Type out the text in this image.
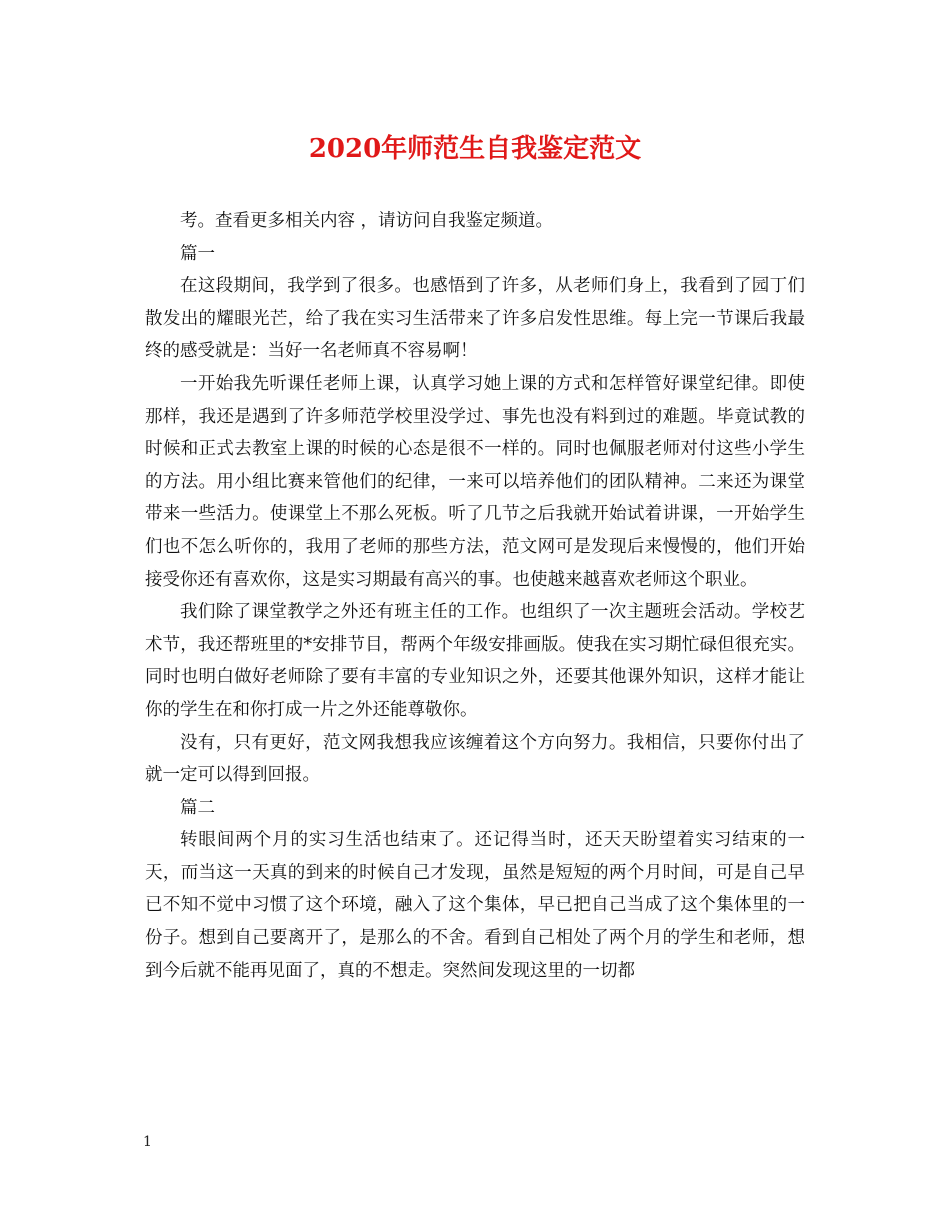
2020年师范生自我鉴定范文

考。查看更多相关内容 ，请访问自我鉴定频道。

篇一

在这段期间，我学到了很多。也感悟到了许多，从老师们身上，我看到了园丁们散发出的耀眼光芒，给了我在实习生活带来了许多启发性思维。每上完一节课后我最终的感受就是：当好一名老师真不容易啊！

一开始我先听课任老师上课，认真学习她上课的方式和怎样管好课堂纪律。即使那样，我还是遇到了许多师范学校里没学过、事先也没有料到过的难题。毕竟试教的时候和正式去教室上课的时候的心态是很不一样的。同时也佩服老师对付这些小学生的方法。用小组比赛来管他们的纪律，一来可以培养他们的团队精神。二来还为课堂带来一些活力。使课堂上不那么死板。听了几节之后我就开始试着讲课，一开始学生们也不怎么听你的，我用了老师的那些方法，范文网可是发现后来慢慢的，他们开始接受你还有喜欢你，这是实习期最有高兴的事。也使越来越喜欢老师这个职业。

我们除了课堂教学之外还有班主任的工作。也组织了一次主题班会活动。学校艺术节，我还帮班里的*安排节目，帮两个年级安排画版。使我在实习期忙碌但很充实。同时也明白做好老师除了要有丰富的专业知识之外，还要其他课外知识，这样才能让你的学生在和你打成一片之外还能尊敬你。

没有，只有更好，范文网我想我应该缠着这个方向努力。我相信，只要你付出了就一定可以得到回报。

篇二

转眼间两个月的实习生活也结束了。还记得当时，还天天盼望着实习结束的一天，而当这一天真的到来的时候自己才发现，虽然是短短的两个月时间，可是自己早已不知不觉中习惯了这个环境，融入了这个集体，早已把自己当成了这个集体里的一份子。想到自己要离开了，是那么的不舍。看到自己相处了两个月的学生和老师，想到今后就不能再见面了，真的不想走。突然间发现这里的一切都

1
